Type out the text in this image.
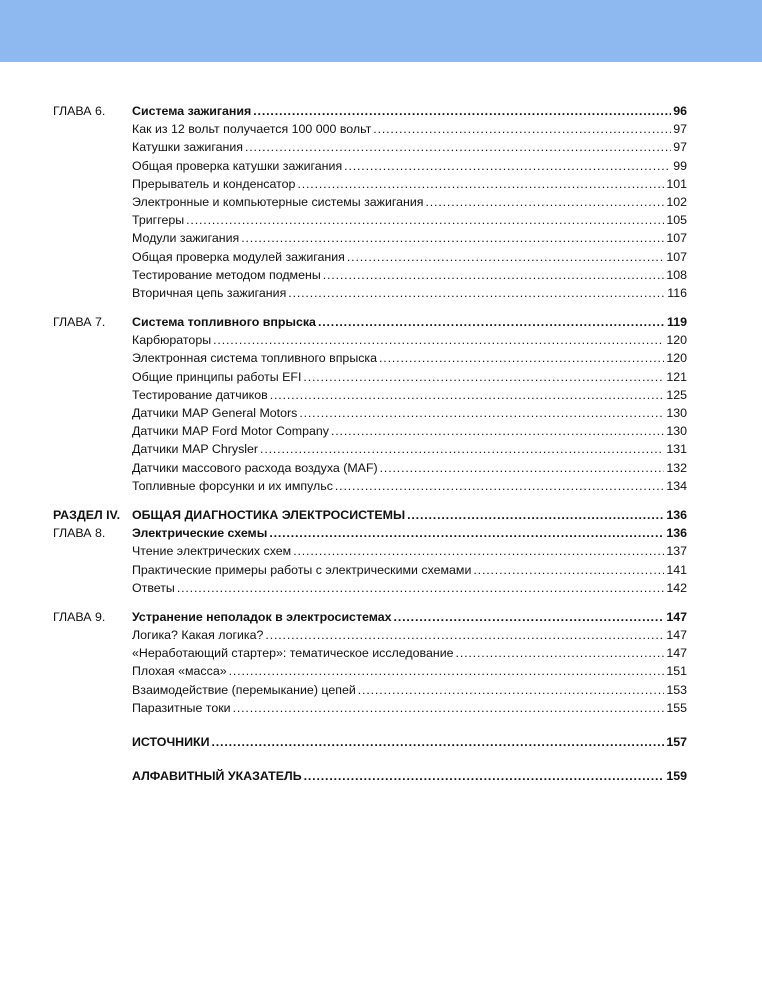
ГЛАВА 6.	Система зажигания . . .	96
Как из 12 вольт получается 100 000 вольт . . .	97
Катушки зажигания . . .	97
Общая проверка катушки зажигания . . .	99
Прерыватель и конденсатор . . .	101
Электронные и компьютерные системы зажигания . . .	102
Триггеры . . .	105
Модули зажигания . . .	107
Общая проверка модулей зажигания . . .	107
Тестирование методом подмены . . .	108
Вторичная цепь зажигания . . .	116
ГЛАВА 7.	Система топливного впрыска . . .	119
Карбюраторы . . .	120
Электронная система топливного впрыска . . .	120
Общие принципы работы EFI . . .	121
Тестирование датчиков . . .	125
Датчики MAP General Motors . . .	130
Датчики MAP Ford Motor Company . . .	130
Датчики MAP Chrysler . . .	131
Датчики массового расхода воздуха (MAF) . . .	132
Топливные форсунки и их импульс . . .	134
РАЗДЕЛ IV. ОБЩАЯ ДИАГНОСТИКА ЭЛЕКТРОСИСТЕМЫ . . .	136
ГЛАВА 8.	Электрические схемы . . .	136
Чтение электрических схем . . .	137
Практические примеры работы с электрическими схемами . . .	141
Ответы . . .	142
ГЛАВА 9.	Устранение неполадок в электросистемах . . .	147
Логика? Какая логика? . . .	147
«Неработающий стартер»: тематическое исследование . . .	147
Плохая «масса» . . .	151
Взаимодействие (перемыкание) цепей . . .	153
Паразитные токи . . .	155
ИСТОЧНИКИ . . .	157
АЛФАВИТНЫЙ УКАЗАТЕЛЬ . . .	159
